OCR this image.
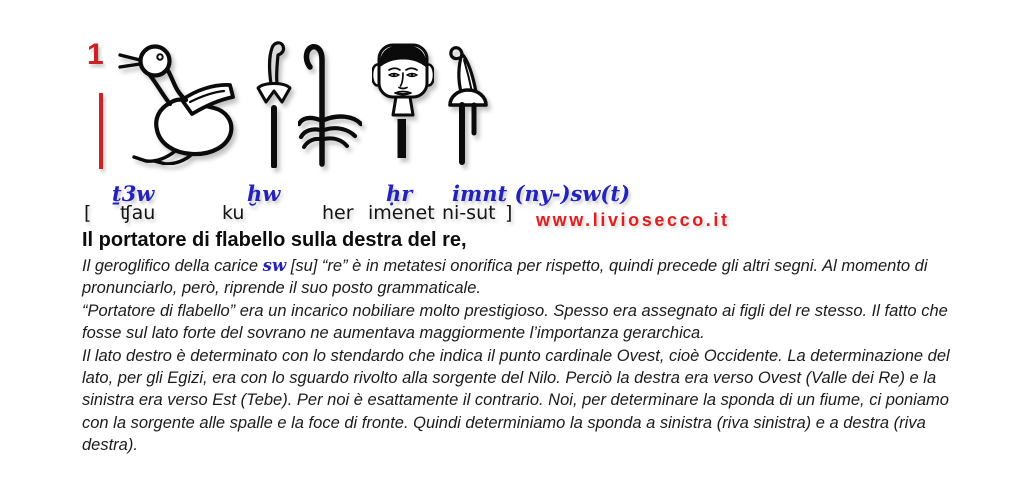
1
ṯ3w	ḫw	ḥr imnt (ny-)sw(t)
[ ʧau	ku	her imenet ni-sut ] www.liviosecco.it
Il portatore di flabello sulla destra del re,

Il geroglifico della carice sw [su] “re” è in metatesi onorifica per rispetto, quindi precede gli altri segni. Al momento di pronunciarlo, però, riprende il suo posto grammaticale.

“Portatore di flabello” era un incarico nobiliare molto prestigioso. Spesso era assegnato ai figli del re stesso. Il fatto che fosse sul lato forte del sovrano ne aumentava maggiormente l’importanza gerarchica.

Il lato destro è determinato con lo stendardo che indica il punto cardinale Ovest, cioè Occidente. La determinazione del lato, per gli Egizi, era con lo sguardo rivolto alla sorgente del Nilo. Perciò la destra era verso Ovest (Valle dei Re) e la sinistra era verso Est (Tebe). Per noi è esattamente il contrario. Noi, per determinare la sponda di un fiume, ci poniamo con la sorgente alle spalle e la foce di fronte. Quindi determiniamo la sponda a sinistra (riva sinistra) e a destra (riva destra).
